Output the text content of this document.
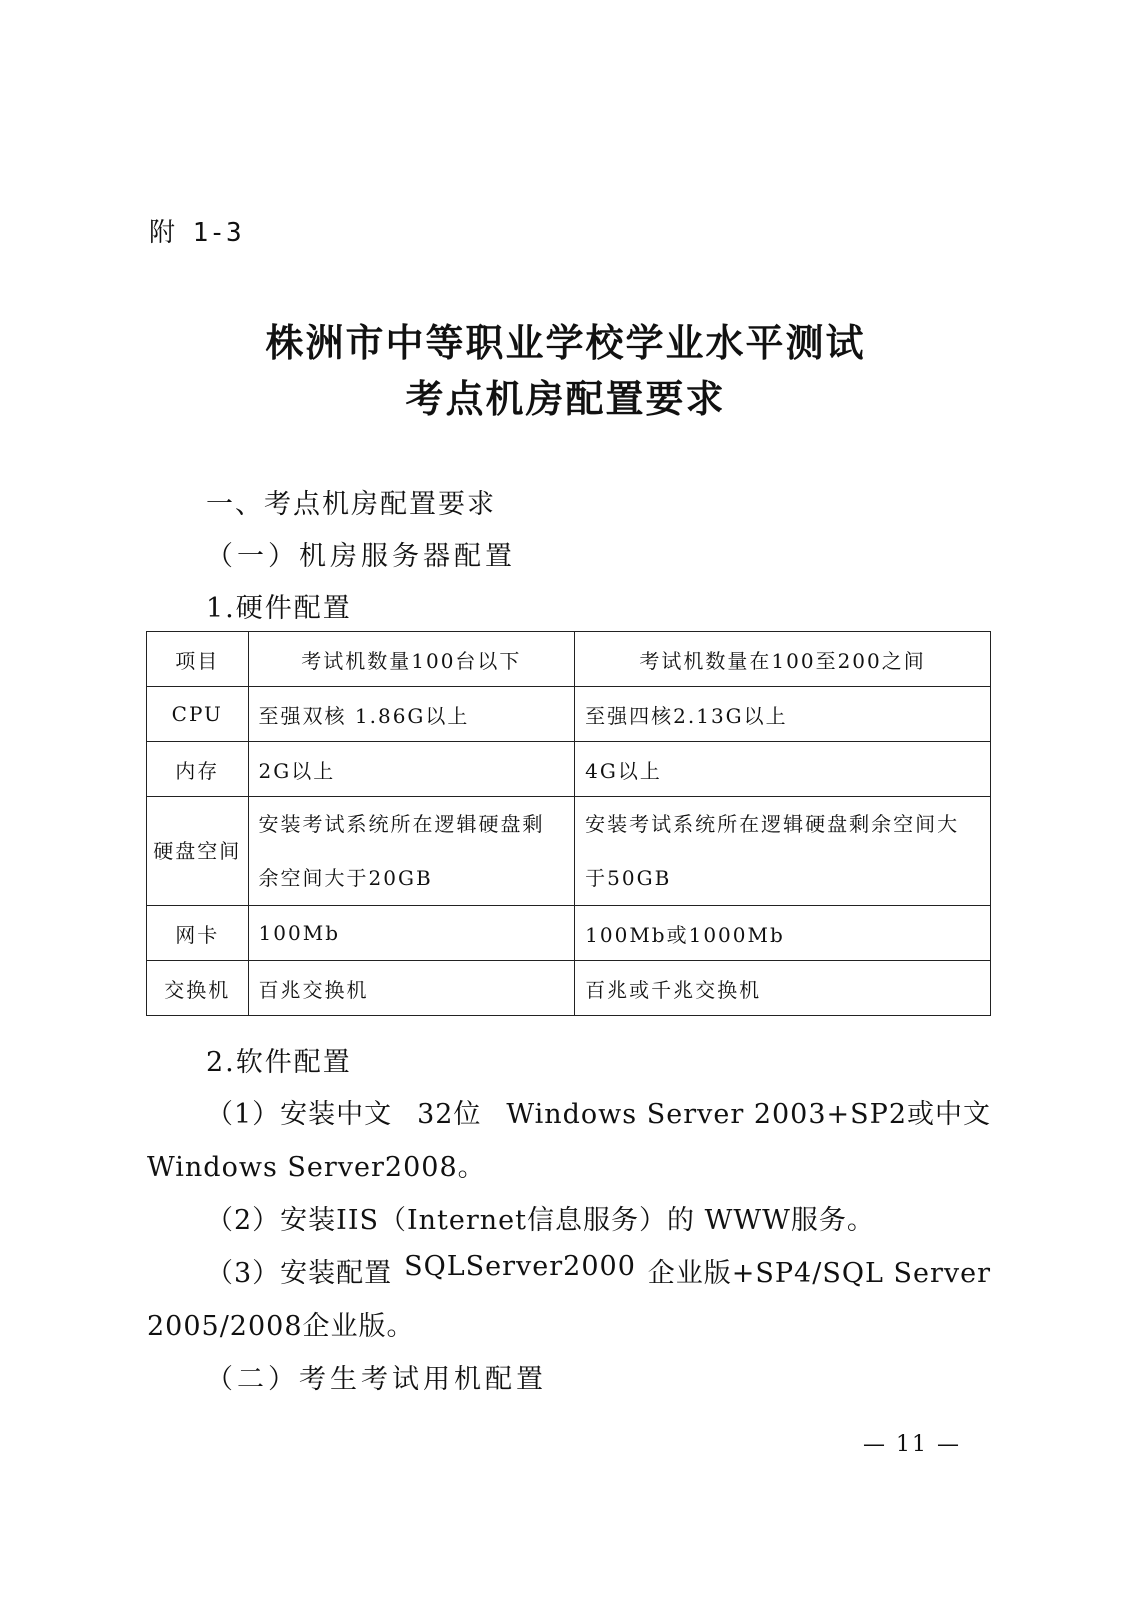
附 1-3
株洲市中等职业学校学业水平测试
考点机房配置要求
一、考点机房配置要求
（一）机房服务器配置
1.硬件配置
项目	考试机数量100台以下	考试机数量在100至200之间
CPU	至强双核 1.86G以上	至强四核2.13G以上
内存	2G以上	4G以上
硬盘空间	安装考试系统所在逻辑硬盘剩余空间大于20GB	安装考试系统所在逻辑硬盘剩余空间大于50GB
网卡	100Mb	100Mb或1000Mb
交换机	百兆交换机	百兆或千兆交换机
2.软件配置
（1）安装中文 32位 Windows Server 2003+SP2或中文
Windows Server2008。
（2）安装IIS（Internet信息服务）的 WWW服务。
（3）安装配置 SQLServer2000 企业版+SP4/SQL Server
2005/2008企业版。
（二）考生考试用机配置
— 11 —
